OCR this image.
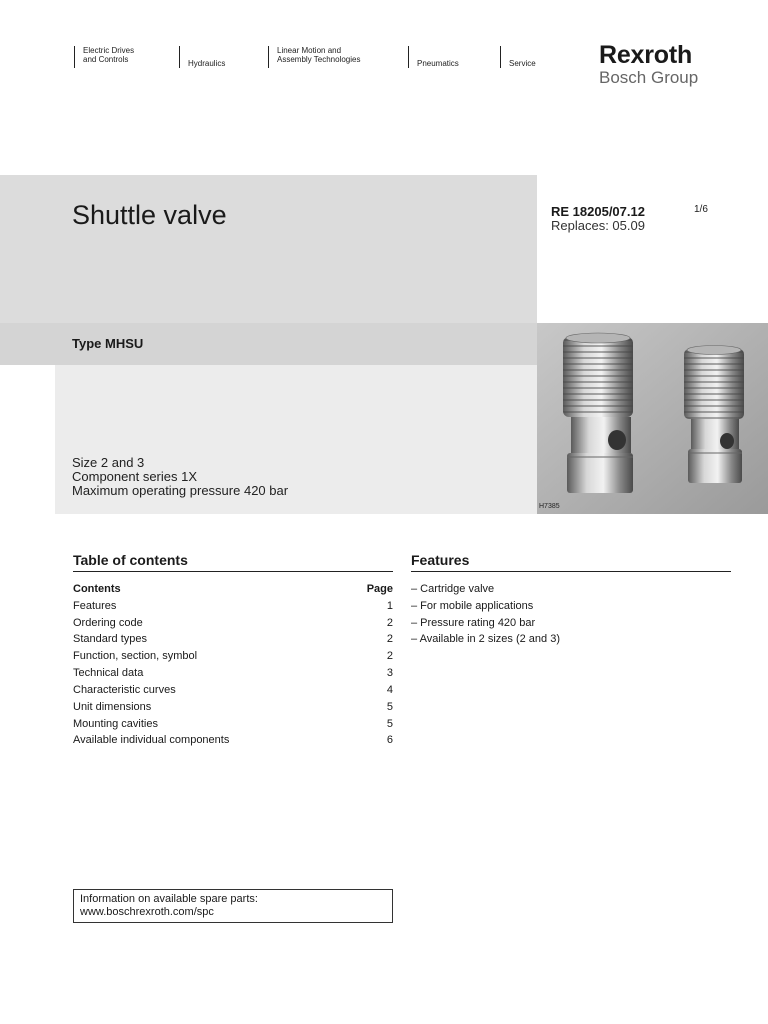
Electric Drives
and Controls	Hydraulics
Linear Motion and
Assembly Technologies	Pneumatics	Service	Rexroth
Bosch Group
Shuttle valve	RE 18205/07.12
Replaces: 05.09
1/6
Type MHSU
Size 2 and 3
Component series 1X
Maximum operating pressure 420 bar
H7385
Table of contents
Contents	Page
Features	1
Ordering code	2
Standard types	2
Function, section, symbol	2
Technical data	3
Characteristic curves	4
Unit dimensions	5
Mounting cavities	5
Available individual components	6
Features
– Cartridge valve
– For mobile applications
– Pressure rating 420 bar
– Available in 2 sizes (2 and 3)
Information on available spare parts:
www.boschrexroth.com/spc
